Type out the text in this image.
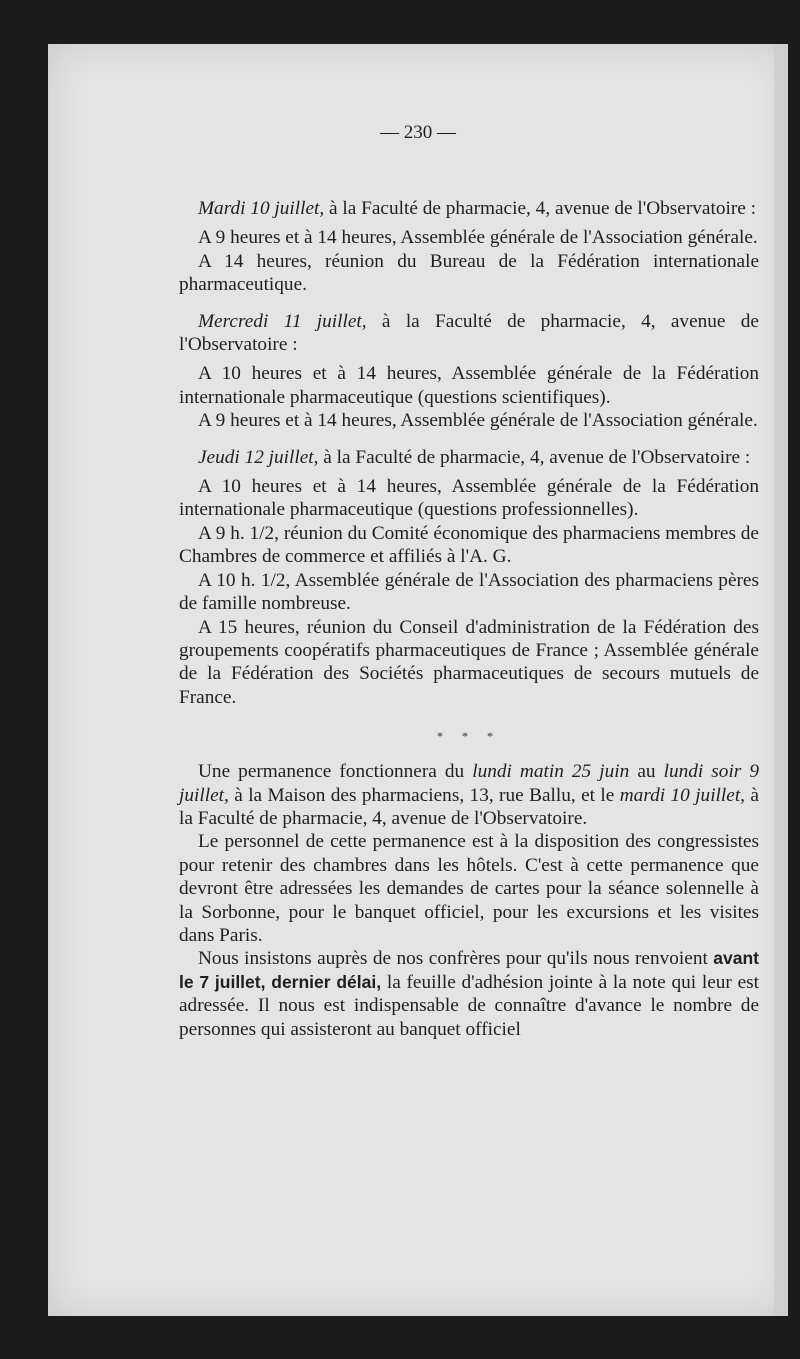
— 230 —

Mardi 10 juillet, à la Faculté de pharmacie, 4, avenue de l'Observatoire :

A 9 heures et à 14 heures, Assemblée générale de l'Association générale.

A 14 heures, réunion du Bureau de la Fédération internationale pharmaceutique.

Mercredi 11 juillet, à la Faculté de pharmacie, 4, avenue de l'Observatoire :

A 10 heures et à 14 heures, Assemblée générale de la Fédération internationale pharmaceutique (questions scientifiques).

A 9 heures et à 14 heures, Assemblée générale de l'Association générale.

Jeudi 12 juillet, à la Faculté de pharmacie, 4, avenue de l'Observatoire :

A 10 heures et à 14 heures, Assemblée générale de la Fédération internationale pharmaceutique (questions professionnelles).

A 9 h. 1/2, réunion du Comité économique des pharmaciens membres de Chambres de commerce et affiliés à l'A. G.

A 10 h. 1/2, Assemblée générale de l'Association des pharmaciens pères de famille nombreuse.

A 15 heures, réunion du Conseil d'administration de la Fédération des groupements coopératifs pharmaceutiques de France ; Assemblée générale de la Fédération des Sociétés pharmaceutiques de secours mutuels de France.

* * *

Une permanence fonctionnera du lundi matin 25 juin au lundi soir 9 juillet, à la Maison des pharmaciens, 13, rue Ballu, et le mardi 10 juillet, à la Faculté de pharmacie, 4, avenue de l'Observatoire.

Le personnel de cette permanence est à la disposition des congressistes pour retenir des chambres dans les hôtels. C'est à cette permanence que devront être adressées les demandes de cartes pour la séance solennelle à la Sorbonne, pour le banquet officiel, pour les excursions et les visites dans Paris.

Nous insistons auprès de nos confrères pour qu'ils nous renvoient avant le 7 juillet, dernier délai, la feuille d'adhésion jointe à la note qui leur est adressée. Il nous est indispensable de connaître d'avance le nombre de personnes qui assisteront au banquet officiel
